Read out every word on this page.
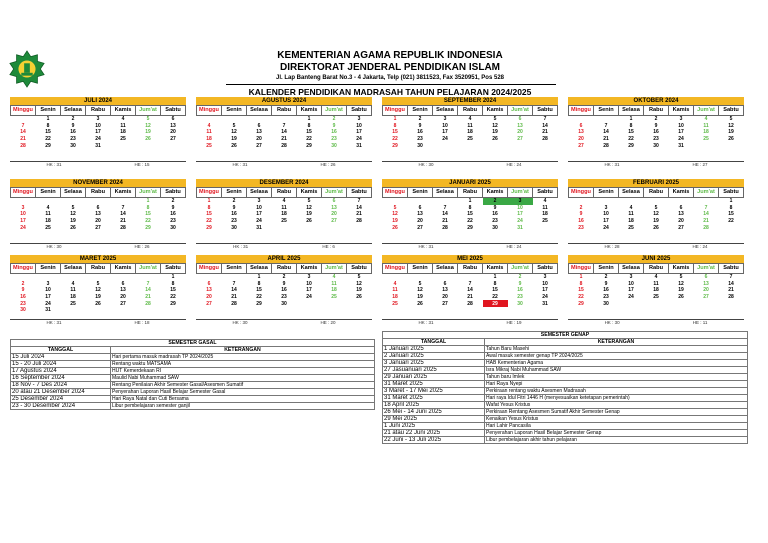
KEMENTERIAN AGAMA REPUBLIK INDONESIA
DIREKTORAT JENDERAL PENDIDIKAN ISLAM
Jl. Lap Banteng Barat No.3 - 4 Jakarta, Telp (021) 3811523, Fax 3520951, Pos 528
KALENDER PENDIDIKAN MADRASAH TAHUN PELAJARAN 2024/2025
JULI 2024
Minggu	Senin	Selasa	Rabu	Kamis	Jum'at	Sabtu
	1	2	3	4	5	6
7	8	9	10	11	12	13
14	15	16	17	18	19	20
21	22	23	24	25	26	27
28	29	30	31			

HK : 31	HE : 15
AGUSTUS 2024
Minggu	Senin	Selasa	Rabu	Kamis	Jum'at	Sabtu
				1	2	3
4	5	6	7	8	9	10
11	12	13	14	15	16	17
18	19	20	21	22	23	24
25	26	27	28	29	30	31

HK : 31	HE : 26
SEPTEMBER 2024
Minggu	Senin	Selasa	Rabu	Kamis	Jum'at	Sabtu
1	2	3	4	5	6	7
8	9	10	11	12	13	14
15	16	17	18	19	20	21
22	23	24	25	26	27	28
29	30					

HK : 30	HE : 24
OKTOBER 2024
Minggu	Senin	Selasa	Rabu	Kamis	Jum'at	Sabtu
		1	2	3	4	5
6	7	8	9	10	11	12
13	14	15	16	17	18	19
20	21	22	23	24	25	26
27	28	29	30	31		

HK : 31	HE : 27
NOVEMBER 2024
Minggu	Senin	Selasa	Rabu	Kamis	Jum'at	Sabtu
					1	2
3	4	5	6	7	8	9
10	11	12	13	14	15	16
17	18	19	20	21	22	23
24	25	26	27	28	29	30

HK : 30	HE : 26
DESEMBER 2024
Minggu	Senin	Selasa	Rabu	Kamis	Jum'at	Sabtu
1	2	3	4	5	6	7
8	9	10	11	12	13	14
15	16	17	18	19	20	21
22	23	24	25	26	27	28
29	30	31				

HK : 31	HE : 6
JANUARI 2025
Minggu	Senin	Selasa	Rabu	Kamis	Jum'at	Sabtu
			1	2	3	4
5	6	7	8	9	10	11
12	13	14	15	16	17	18
19	20	21	22	23	24	25
26	27	28	29	30	31	

HK : 31	HE : 24
FEBRUARI 2025
Minggu	Senin	Selasa	Rabu	Kamis	Jum'at	Sabtu
						1
2	3	4	5	6	7	8
9	10	11	12	13	14	15
16	17	18	19	20	21	22
23	24	25	26	27	28	

HK : 28	HE : 24
MARET 2025
Minggu	Senin	Selasa	Rabu	Kamis	Jum'at	Sabtu
						1
2	3	4	5	6	7	8
9	10	11	12	13	14	15
16	17	18	19	20	21	22
23	24	25	26	27	28	29
30	31					
HK : 31	HE : 18
APRIL 2025
Minggu	Senin	Selasa	Rabu	Kamis	Jum'at	Sabtu
		1	2	3	4	5
6	7	8	9	10	11	12
13	14	15	16	17	18	19
20	21	22	23	24	25	26
27	28	29	30			

HK : 30	HE : 20
MEI 2025
Minggu	Senin	Selasa	Rabu	Kamis	Jum'at	Sabtu
				1	2	3
4	5	6	7	8	9	10
11	12	13	14	15	16	17
18	19	20	21	22	23	24
25	26	27	28	29	30	31

HK : 31	HE : 19
JUNI 2025
Minggu	Senin	Selasa	Rabu	Kamis	Jum'at	Sabtu
1	2	3	4	5	6	7
8	9	10	11	12	13	14
15	16	17	18	19	20	21
22	23	24	25	26	27	28
29	30					

HK : 30	HE : 11
SEMESTER GASAL	
TANGGAL	KETERANGAN
15 Juli 2024	Hari pertama masuk madrasah TP 2024/2025
15 - 20 Juli 2024	Rentang waktu MATSAMA
17 Agustus 2024	HUT Kemerdekaan RI
16 September 2024	Maulid Nabi Muhammad SAW
18 Nov - 7 Des 2024	Rentang Penilaian Akhir Semester Gasal/Asesmen Sumatif
20 atau 21 Desember 2024	Penyerahan Laporan Hasil Belajar Semester Gasal
25 Desember 2024	Hari Raya Natal dan Cuti Bersama
23 - 30 Desember 2024	Libur pembelajaran semester ganjil
SEMESTER GENAP	
TANGGAL	KETERANGAN
1 Januari 2025	Tahun Baru Masehi
2 Januari 2025	Awal masuk semester genap TP 2024/2025
3 Januari 2025	HAB Kementerian Agama
27 Jasuanuari 2025	Isra Mikraj Nabi Muhammad SAW
29 Januari 2025	Tahun baru Imlek
31 Maret 2025	Hari Raya Nyepi
3 Maret - 17 Mei 2025	Perkiraan rentang waktu Asesmen Madrasah
31 Maret 2025	Hari raya Idul Fitri 1446 H (menyesuaikan ketetapan pemerintah)
18 April 2025	Wafat Yesus Kristus
26 Mei - 14 Juni 2025	Perkiraan Rentang Asesmen Sumatif Akhir Semester Genap
29 Mei 2025	Kenaikan Yesus Kristus
1 Juni 2025	Hari Lahir Pancasila
21 atau 22 Juni 2025	Penyerahan Laporan Hasil Belajar Semester Genap
22 Juni - 13 Juli 2025	Libur pembelajaran akhir tahun pelajaran
